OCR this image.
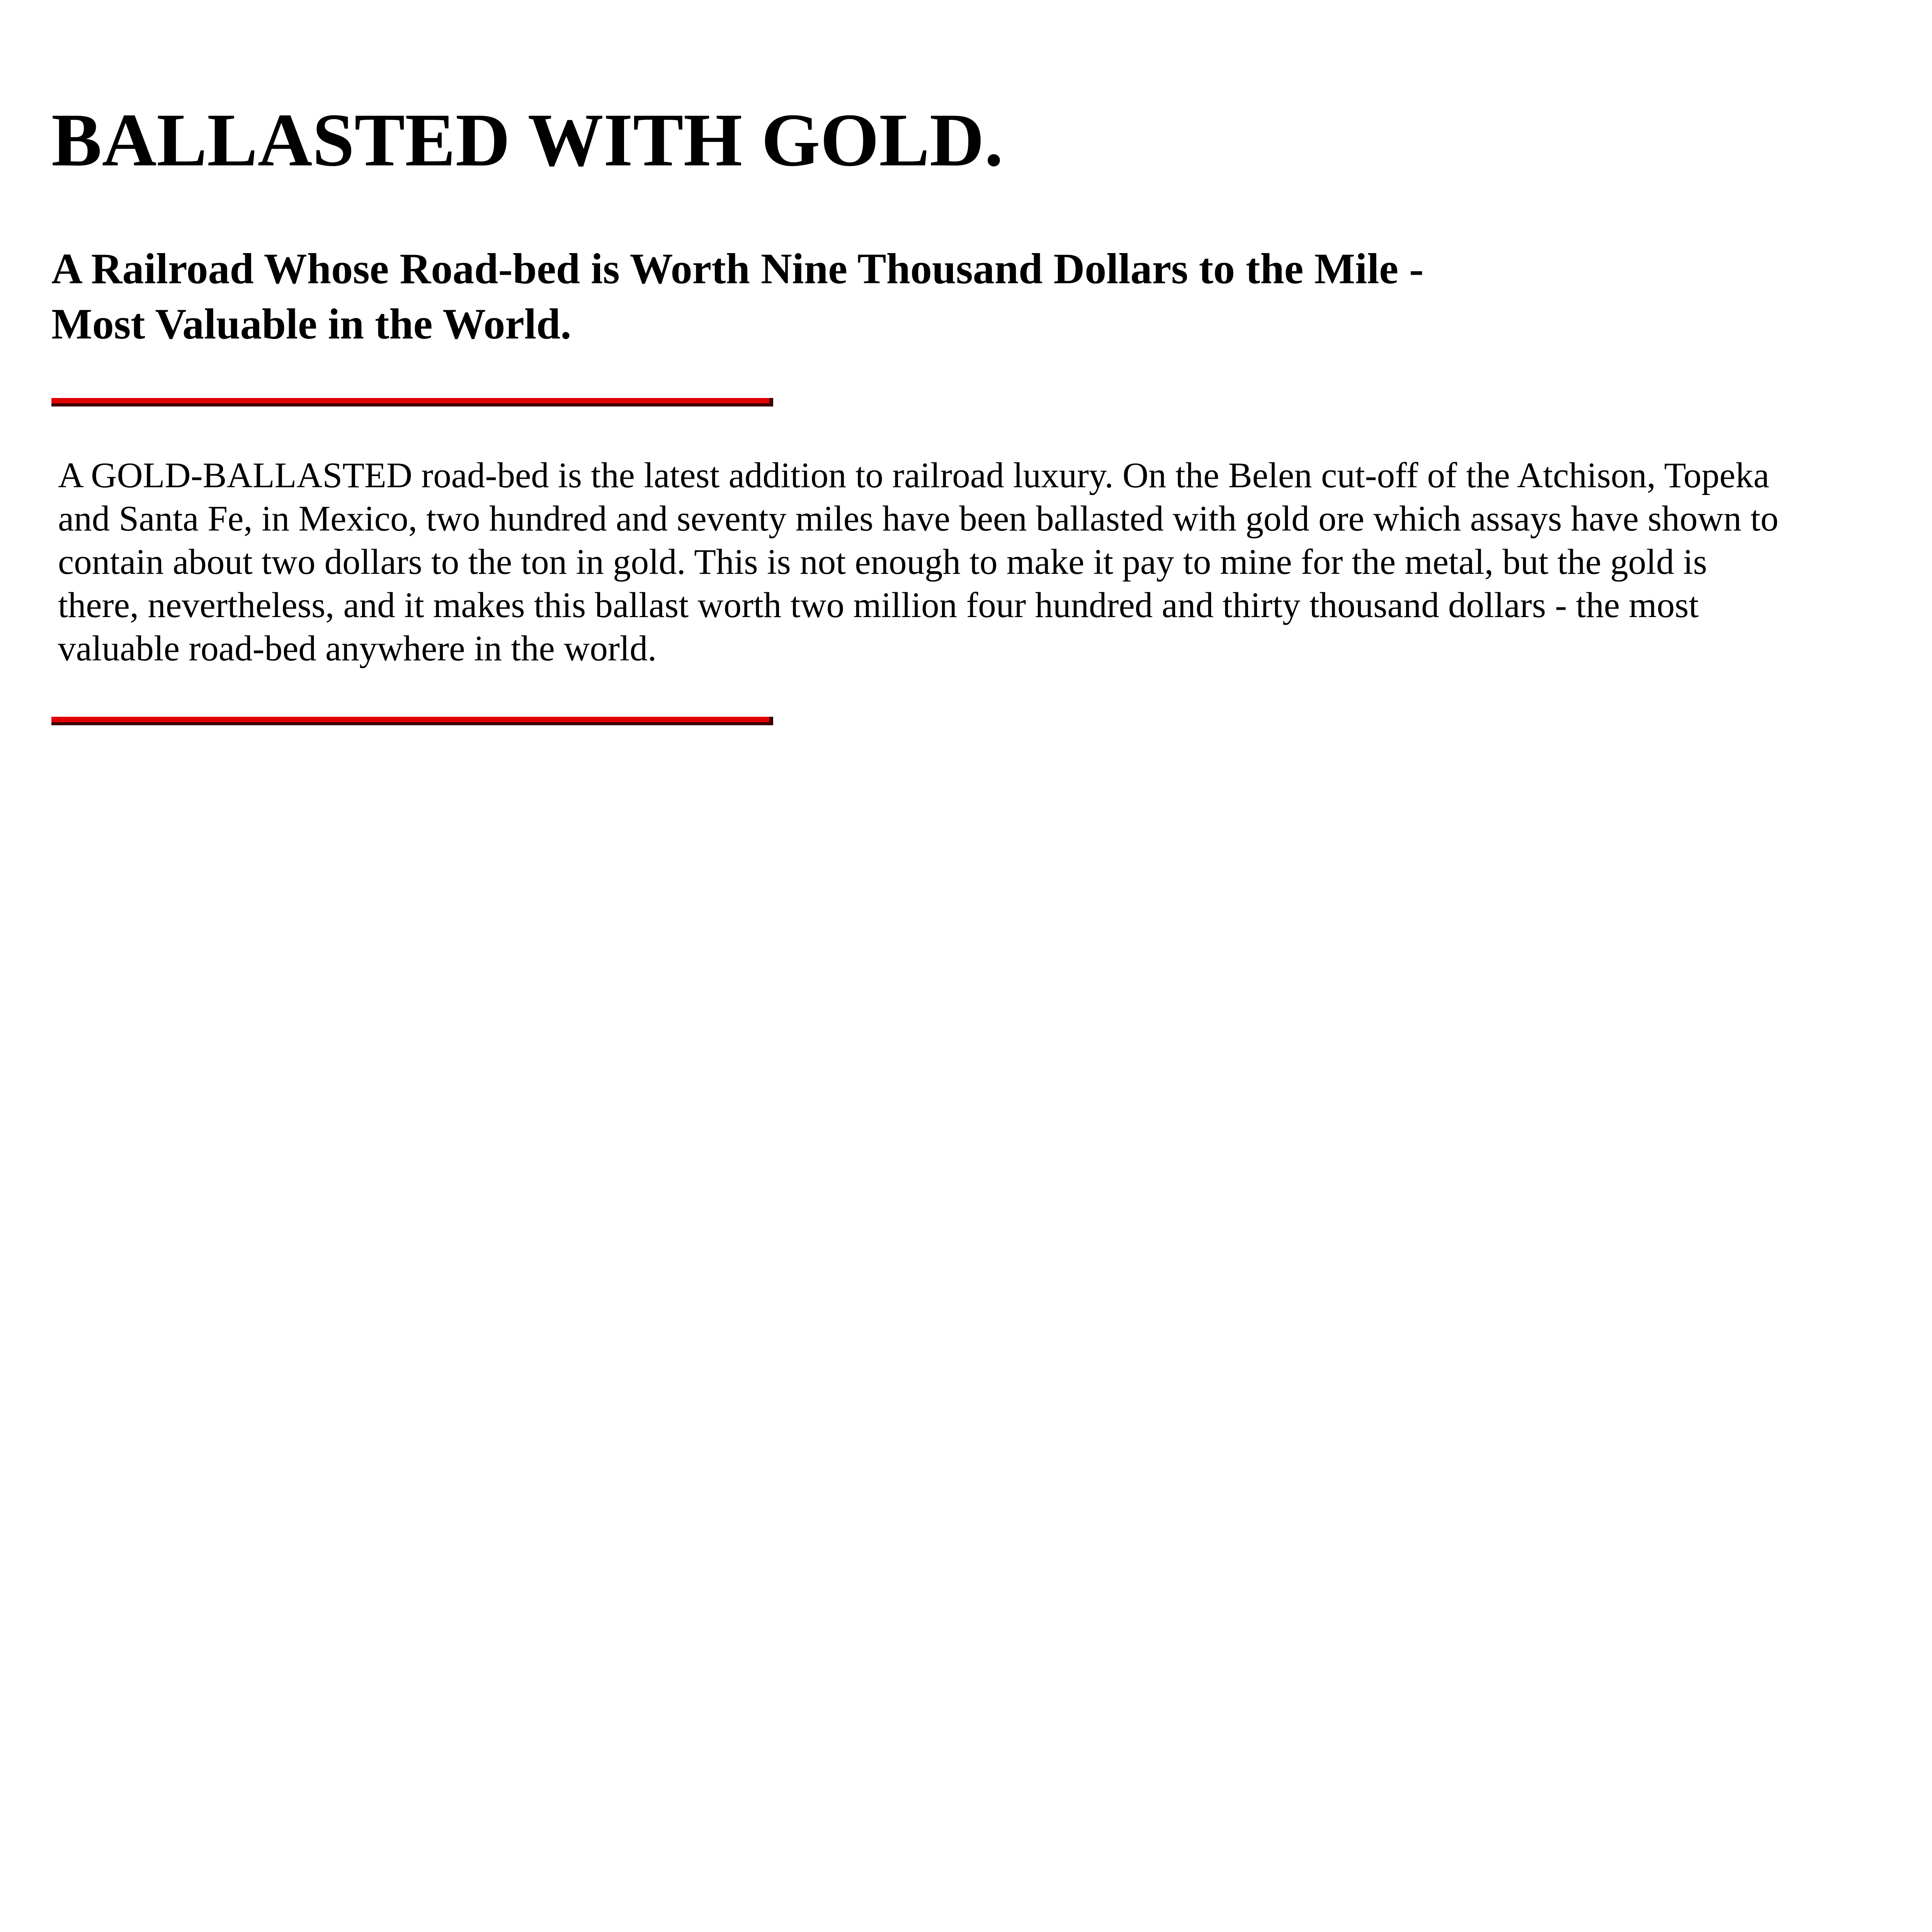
BALLASTED WITH GOLD.
A Railroad Whose Road-bed is Worth Nine Thousand Dollars to the Mile -
Most Valuable in the World.

A GOLD-BALLASTED road-bed is the latest addition to railroad luxury. On the Belen cut-off of the Atchison, Topeka
and Santa Fe, in Mexico, two hundred and seventy miles have been ballasted with gold ore which assays have shown to
contain about two dollars to the ton in gold. This is not enough to make it pay to mine for the metal, but the gold is
there, nevertheless, and it makes this ballast worth two million four hundred and thirty thousand dollars - the most
valuable road-bed anywhere in the world.
